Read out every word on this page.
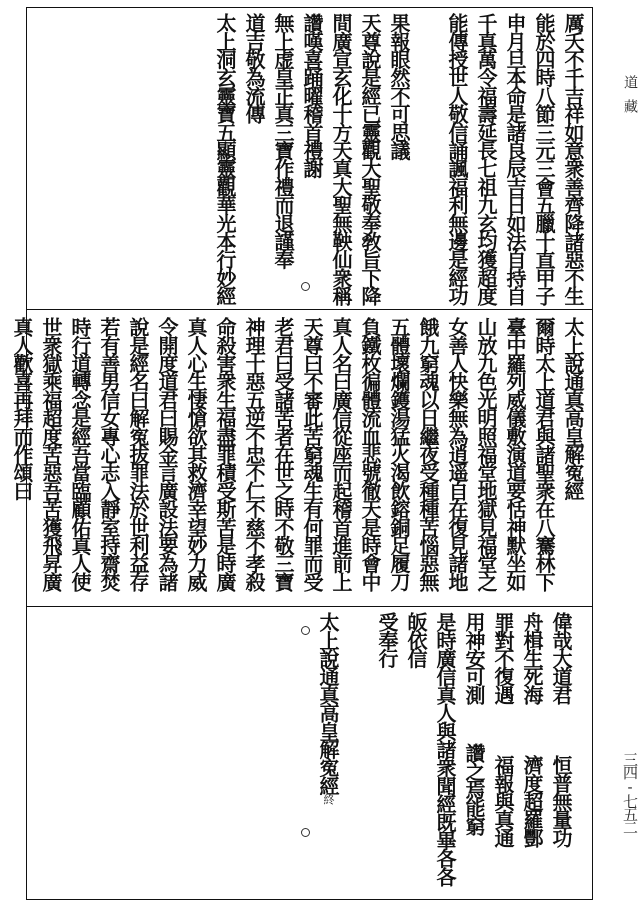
厲夭不千吉祥如意衆善齊降諸惡不生
能於四時八節三元三會五臘十直甲子
申月旦本命是諸良辰吉日如法自持自
千真萬令福壽延長七祖九玄均獲超度
能傳授世人敬信誦諷福利無邊是經功
果報眼然不可思議
天尊說是經已靈觀大聖敬奉敎旨下降
間廣宣玄化十方天真大聖無鞅仙衆稱
讚嘆喜踊曜稽首禮謝
無上虚皇正真三寶作禮而退謹奉
道吉敬為流傳
太上洞玄靈寶五顯靈觀華光本行妙經
太上說通真高皇解寃經
爾時太上道君與諸聖衆在八騫林下
臺中羅列威儀敷演道要恬神默坐如
山放九色光明照福堂地獄見福堂之
女善人快樂無為逍遥自在復見諸地
餓九窮魂以日繼夜受種種苦惱惡無
五體壞爛鑊湯猛火渴飲鎔銅足履刀
負鐵枚徧體流血悲號徹天是時會中
真人名曰廣信從座而起稽首進前上
天尊曰不審此苦窮魂生有何罪而受
老君曰受諸苦者在世之時不敬三寶
神理十惡五逆不忠不仁不慈不孝殺
命殺害衆生福盡罪積受斯苦是時廣
真人心生悽愴欲其救濟幸望妙力威
令開度道君曰賜金言廣設法要為諸
說是經名曰解寃拔罪法於世利益存
若有善男信女專心志入靜室持齋焚
時行道轉念是經吾當臨顧佑真人使
世衆獄乘福超度苦惡吾苦獲飛昇廣
真人歡喜再拜而作頌曰
偉哉大道君恒普無量功
舟楫生死海濟度超羅酆
罪對不復遇福報與真通
用神安可測讚之焉能窮
是時廣信真人與諸衆聞經既畢各各
皈依信
受奉行
太上說通真高皇解寃經終
道藏
三四-七五二
